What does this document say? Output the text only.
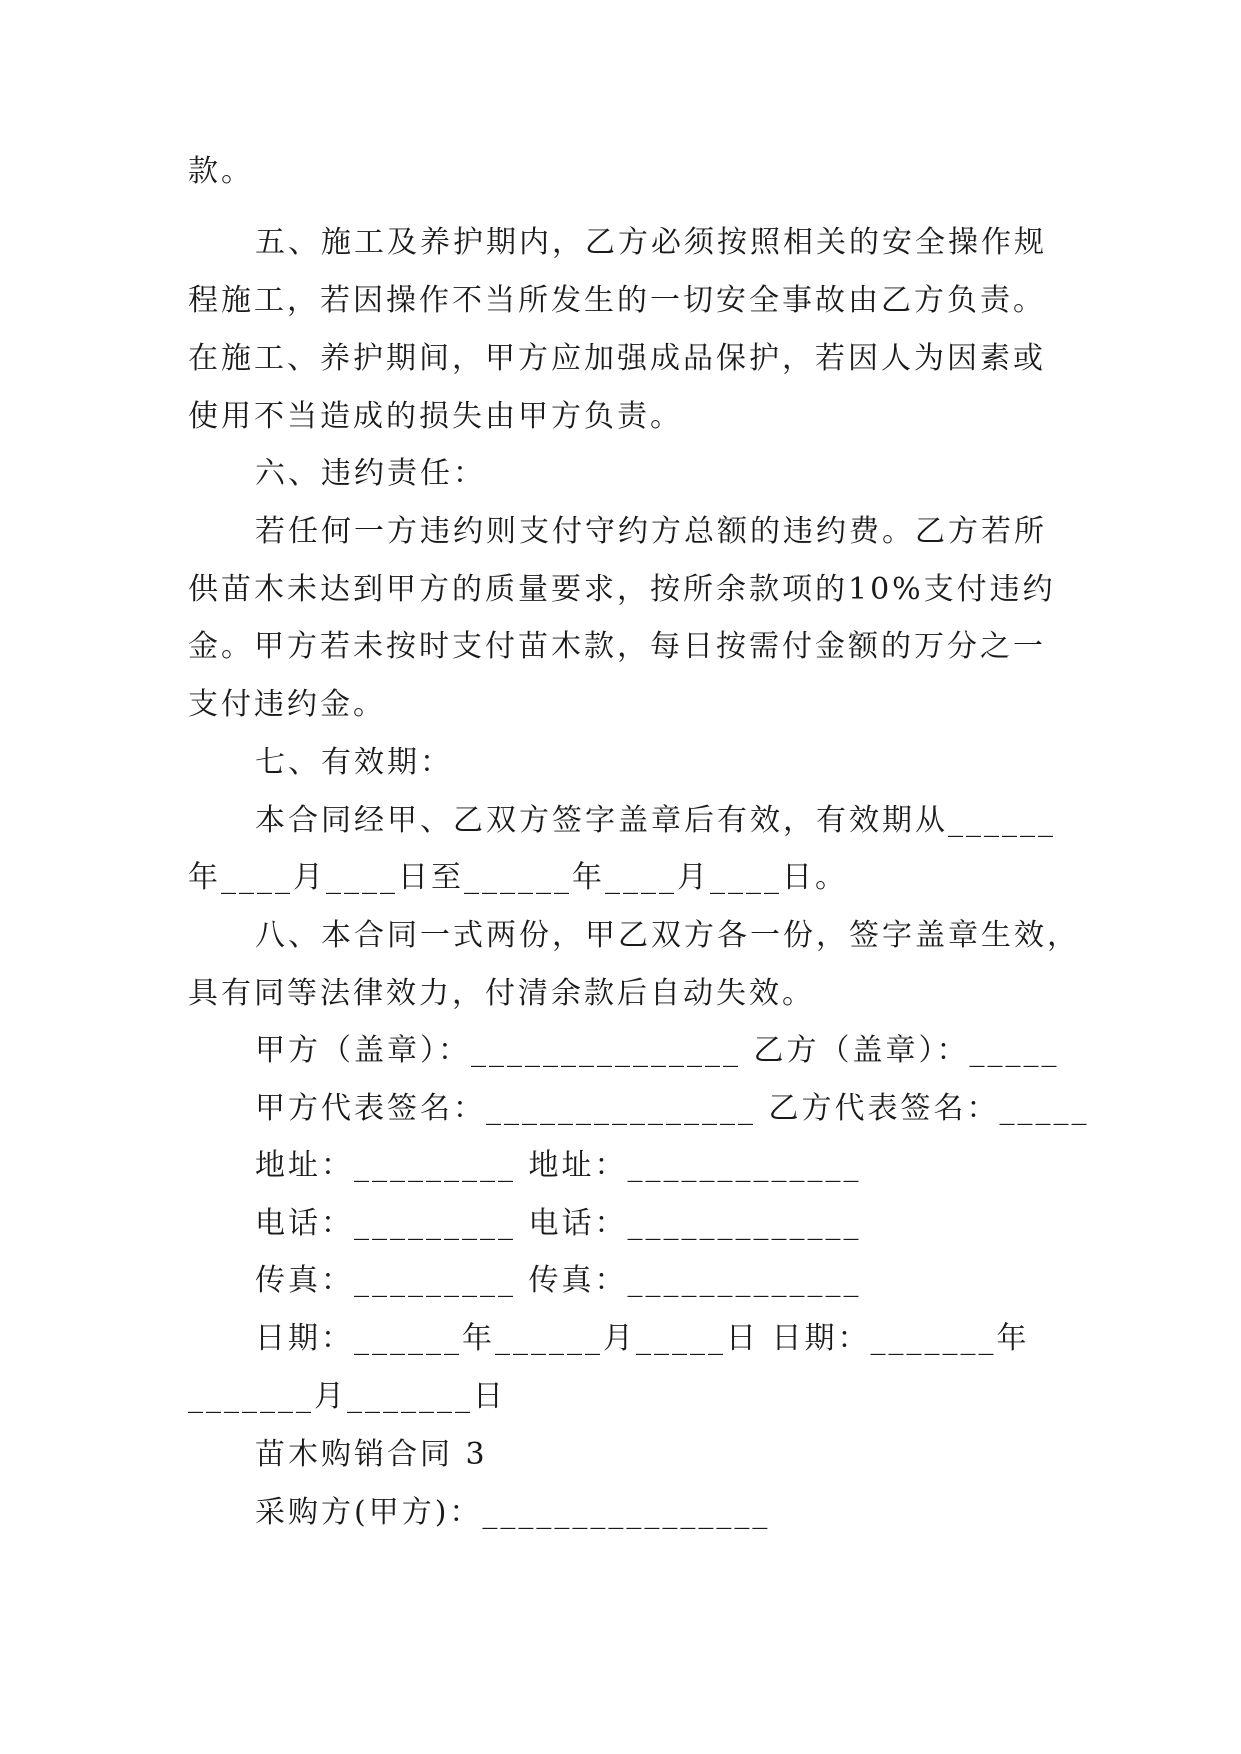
款。
五、施工及养护期内，乙方必须按照相关的安全操作规
程施工，若因操作不当所发生的一切安全事故由乙方负责。
在施工、养护期间，甲方应加强成品保护，若因人为因素或
使用不当造成的损失由甲方负责。
六、违约责任：
若任何一方违约则支付守约方总额的违约费。乙方若所
供苗木未达到甲方的质量要求，按所余款项的10%支付违约
金。甲方若未按时支付苗木款，每日按需付金额的万分之一
支付违约金。
七、有效期：
本合同经甲、乙双方签字盖章后有效，有效期从______
年____月____日至______年____月____日。
八、本合同一式两份，甲乙双方各一份，签字盖章生效，
具有同等法律效力，付清余款后自动失效。
甲方（盖章）：_______________ 乙方（盖章）：_____
甲方代表签名：_______________ 乙方代表签名：_____
地址：_________ 地址：_____________
电话：_________ 电话：_____________
传真：_________ 传真：_____________
日期：______年______月_____日 日期：_______年
_______月_______日
苗木购销合同 3
采购方(甲方)：________________
